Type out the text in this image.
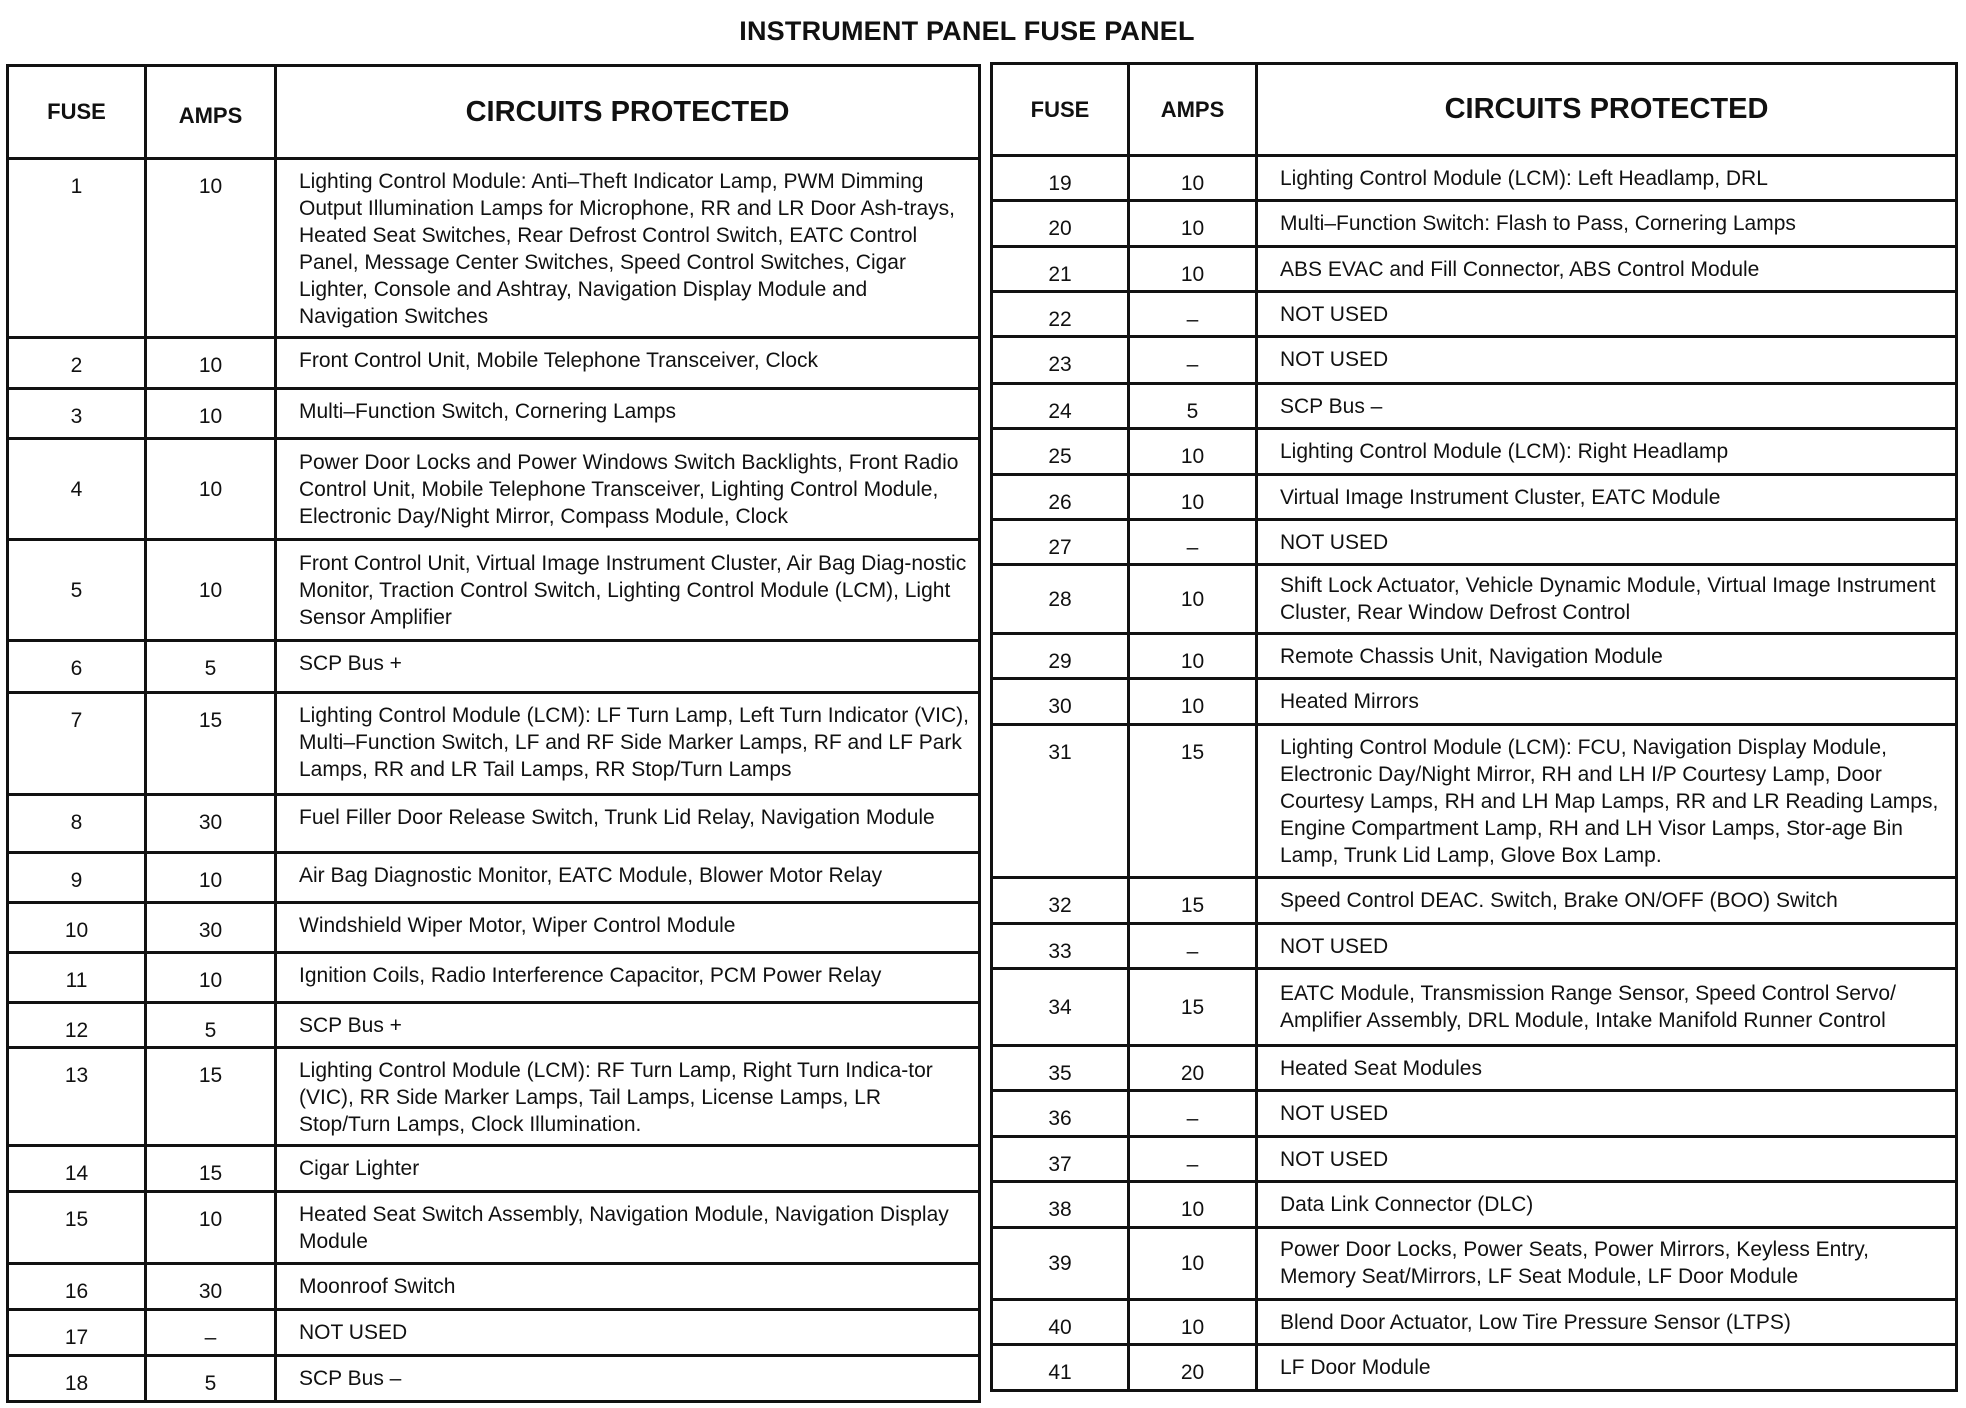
INSTRUMENT PANEL FUSE PANEL
FUSE	AMPS	CIRCUITS PROTECTED
1	10	Lighting Control Module: Anti–Theft Indicator Lamp, PWM Dimming Output Illumination Lamps for Microphone, RR and LR Door Ash-trays, Heated Seat Switches, Rear Defrost Control Switch, EATC Control Panel, Message Center Switches, Speed Control Switches, Cigar Lighter, Console and Ashtray, Navigation Display Module and Navigation Switches
2	10	Front Control Unit, Mobile Telephone Transceiver, Clock
3	10	Multi–Function Switch, Cornering Lamps
4	10	Power Door Locks and Power Windows Switch Backlights, Front Radio Control Unit, Mobile Telephone Transceiver, Lighting Control Module, Electronic Day/Night Mirror, Compass Module, Clock
5	10	Front Control Unit, Virtual Image Instrument Cluster, Air Bag Diag-nostic Monitor, Traction Control Switch, Lighting Control Module (LCM), Light Sensor Amplifier
6	5	SCP Bus +
7	15	Lighting Control Module (LCM): LF Turn Lamp, Left Turn Indicator (VIC), Multi–Function Switch, LF and RF Side Marker Lamps, RF and LF Park Lamps, RR and LR Tail Lamps, RR Stop/Turn Lamps
8	30	Fuel Filler Door Release Switch, Trunk Lid Relay, Navigation Module
9	10	Air Bag Diagnostic Monitor, EATC Module, Blower Motor Relay
10	30	Windshield Wiper Motor, Wiper Control Module
11	10	Ignition Coils, Radio Interference Capacitor, PCM Power Relay
12	5	SCP Bus +
13	15	Lighting Control Module (LCM): RF Turn Lamp, Right Turn Indica-tor (VIC), RR Side Marker Lamps, Tail Lamps, License Lamps, LR Stop/Turn Lamps, Clock Illumination.
14	15	Cigar Lighter
15	10	Heated Seat Switch Assembly, Navigation Module, Navigation Display Module
16	30	Moonroof Switch
17	–	NOT USED
18	5	SCP Bus –
FUSE	AMPS	CIRCUITS PROTECTED
19	10	Lighting Control Module (LCM): Left Headlamp, DRL
20	10	Multi–Function Switch: Flash to Pass, Cornering Lamps
21	10	ABS EVAC and Fill Connector, ABS Control Module
22	–	NOT USED
23	–	NOT USED
24	5	SCP Bus –
25	10	Lighting Control Module (LCM): Right Headlamp
26	10	Virtual Image Instrument Cluster, EATC Module
27	–	NOT USED
28	10	Shift Lock Actuator, Vehicle Dynamic Module, Virtual Image Instrument Cluster, Rear Window Defrost Control
29	10	Remote Chassis Unit, Navigation Module
30	10	Heated Mirrors
31	15	Lighting Control Module (LCM): FCU, Navigation Display Module, Electronic Day/Night Mirror, RH and LH I/P Courtesy Lamp, Door Courtesy Lamps, RH and LH Map Lamps, RR and LR Reading Lamps, Engine Compartment Lamp, RH and LH Visor Lamps, Stor-age Bin Lamp, Trunk Lid Lamp, Glove Box Lamp.
32	15	Speed Control DEAC. Switch, Brake ON/OFF (BOO) Switch
33	–	NOT USED
34	15	EATC Module, Transmission Range Sensor, Speed Control Servo/ Amplifier Assembly, DRL Module, Intake Manifold Runner Control
35	20	Heated Seat Modules
36	–	NOT USED
37	–	NOT USED
38	10	Data Link Connector (DLC)
39	10	Power Door Locks, Power Seats, Power Mirrors, Keyless Entry, Memory Seat/Mirrors, LF Seat Module, LF Door Module
40	10	Blend Door Actuator, Low Tire Pressure Sensor (LTPS)
41	20	LF Door Module
